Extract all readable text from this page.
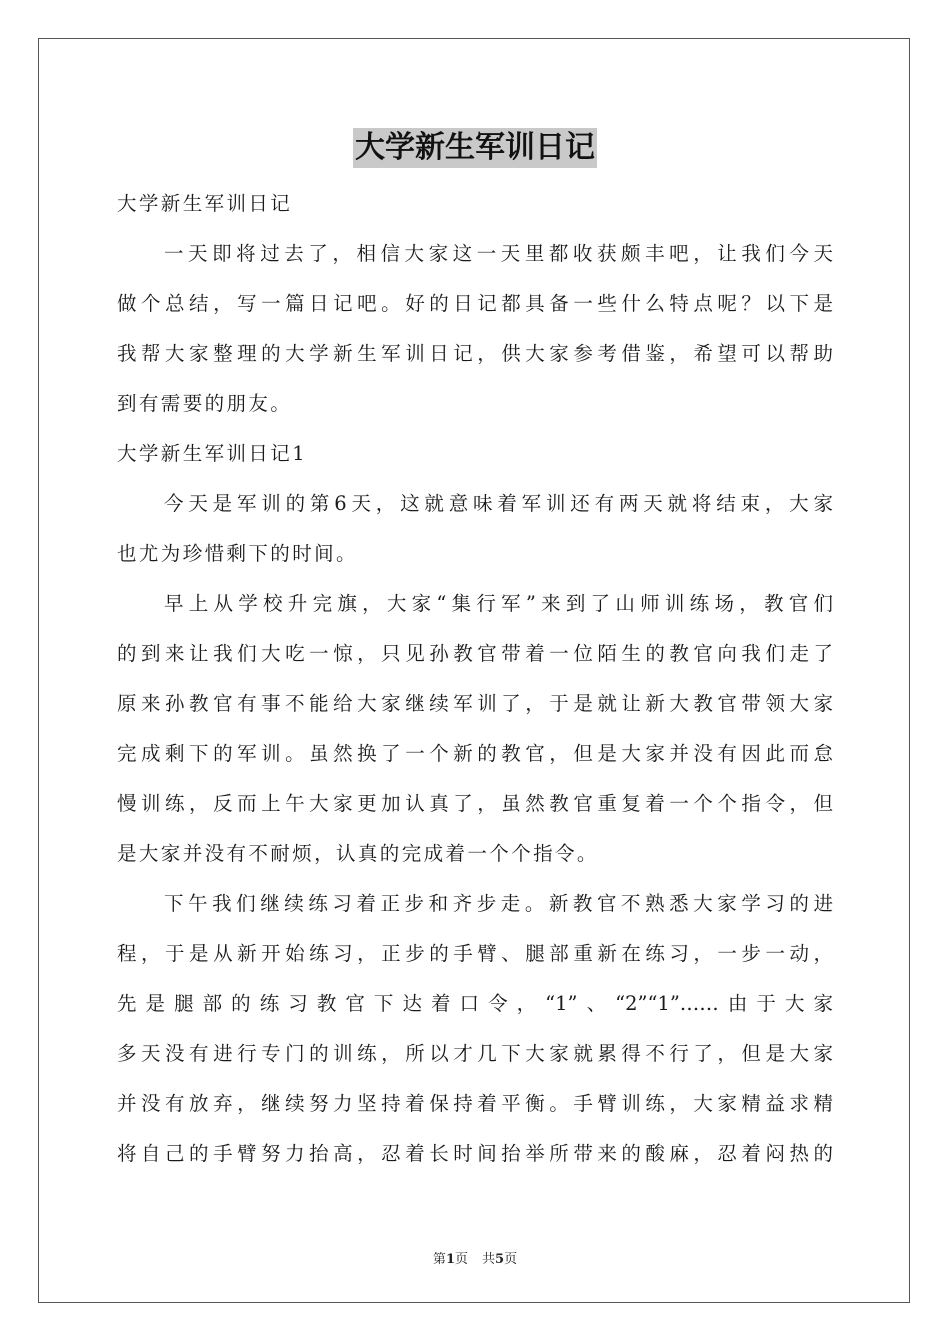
大学新生军训日记
大学新生军训日记
一天即将过去了，相信大家这一天里都收获颇丰吧，让我们今天
做个总结，写一篇日记吧。好的日记都具备一些什么特点呢？以下是
我帮大家整理的大学新生军训日记，供大家参考借鉴，希望可以帮助
到有需要的朋友。
大学新生军训日记1
今天是军训的第6天，这就意味着军训还有两天就将结束，大家
也尤为珍惜剩下的时间。
早上从学校升完旗，大家“集行军”来到了山师训练场，教官们
的到来让我们大吃一惊，只见孙教官带着一位陌生的教官向我们走了
原来孙教官有事不能给大家继续军训了，于是就让新大教官带领大家
完成剩下的军训。虽然换了一个新的教官，但是大家并没有因此而怠
慢训练，反而上午大家更加认真了，虽然教官重复着一个个指令，但
是大家并没有不耐烦，认真的完成着一个个指令。
下午我们继续练习着正步和齐步走。新教官不熟悉大家学习的进
程，于是从新开始练习，正步的手臂、腿部重新在练习，一步一动，
先是腿部的练习教官下达着口令，“1”、“2”“1”……由于大家
多天没有进行专门的训练，所以才几下大家就累得不行了，但是大家
并没有放弃，继续努力坚持着保持着平衡。手臂训练，大家精益求精
将自己的手臂努力抬高，忍着长时间抬举所带来的酸麻，忍着闷热的
第1页 共5页
